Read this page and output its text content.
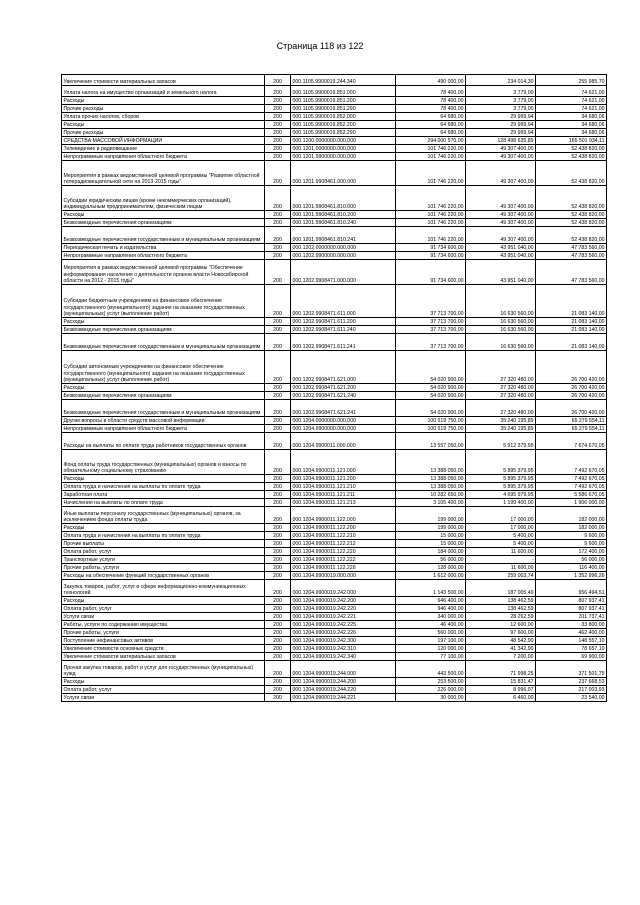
Страница 118 из 122
Увеличение стоимости материальных запасов	200	000.1105.9900019.244.340	490 000,00	234 014,30	255 985,70
Уплата налога на имущество организаций и земельного налога	200	000.1105.9900019.851.000	78 400,00	3 779,00	74 621,00
Расходы	200	000.1105.9900019.851.200	78 400,00	3 779,00	74 621,00
Прочие расходы	200	000.1105.9900019.851.290	78 400,00	3 779,00	74 621,00
Уплата прочих налогов, сборов	200	000.1105.9900019.852.000	64 680,00	29 999,94	34 680,06
Расходы	200	000.1105.9900019.852.200	64 680,00	29 999,94	34 680,06
Прочие расходы	200	000.1105.9900019.852.290	64 680,00	29 999,94	34 680,06
СРЕДСТВА МАССОВОЙ ИНФОРМАЦИИ	200	000.1200.0000000.000.000	294 000 570,00	128 498 635,89	165 501 934,11
Телевидение и радиовещание	200	000.1201.0000000.000.000	101 746 220,00	49 307 400,00	52 438 820,00
Непрограммные направления областного бюджета	200	000.1201.9900000.000.000	101 746 220,00	49 307 400,00	52 438 820,00
Мероприятия в рамках ведомственной целевой программы "Развитие областной телерадиовещательной сети на 2013-2015 годы"	200	000.1201.9908461.000.000	101 746 220,00	49 307 400,00	52 438 820,00
Субсидии юридическим лицам (кроме некоммерческих организаций), индивидуальным предпринимателям, физическим лицам	200	000.1201.9908461.810.000	101 746 220,00	49 307 400,00	52 438 820,00
Расходы	200	000.1201.9908461.810.200	101 746 220,00	49 307 400,00	52 438 820,00
Безвозмездные перечисления организациям	200	000.1201.9908461.810.240	101 746 220,00	49 307 400,00	52 438 820,00
Безвозмездные перечисления государственным и муниципальным организациям	200	000.1201.9908461.810.241	101 746 220,00	49 307 400,00	52 438 820,00
Периодическая печать и издательства	200	000.1202.0000000.000.000	91 734 600,00	43 951 040,00	47 783 560,00
Непрограммные направления областного бюджета	200	000.1202.9900000.000.000	91 734 600,00	43 951 040,00	47 783 560,00
Мероприятия в рамках ведомственной целевой программы "Обеспечение информирования населения о деятельности органов власти Новосибирской области на 2012 - 2015 годы"	200	000.1202.9908471.000.000	91 734 600,00	43 951 040,00	47 783 560,00
Субсидии бюджетным учреждениям на финансовое обеспечение государственного (муниципального) задания на оказание государственных (муниципальных) услуг (выполнение работ)	200	000.1202.9908471.611.000	37 713 700,00	16 630 560,00	21 083 140,00
Расходы	200	000.1202.9908471.611.200	37 713 700,00	16 630 560,00	21 083 140,00
Безвозмездные перечисления организациям	200	000.1202.9908471.611.240	37 713 700,00	16 630 560,00	21 083 140,00
Безвозмездные перечисления государственным и муниципальным организациям	200	000.1202.9908471.611.241	37 713 700,00	16 630 560,00	21 083 140,00
Субсидии автономным учреждениям на финансовое обеспечение государственного (муниципального) задания на оказание государственных (муниципальных) услуг (выполнение работ)	200	000.1202.9908471.621.000	54 020 900,00	27 320 480,00	26 700 420,00
Расходы	200	000.1202.9908471.621.200	54 020 900,00	27 320 480,00	26 700 420,00
Безвозмездные перечисления организациям	200	000.1202.9908471.621.240	54 020 900,00	27 320 480,00	26 700 420,00
Безвозмездные перечисления государственным и муниципальным организациям	200	000.1202.9908471.621.241	54 020 900,00	27 320 480,00	26 700 420,00
Другие вопросы в области средств массовой информации	200	000.1204.0000000.000.000	100 519 750,00	35 240 195,89	65 279 554,11
Непрограммные направления областного бюджета	200	000.1204.9900000.000.000	100 519 750,00	35 240 195,89	65 279 554,11
Расходы на выплаты по оплате труда работников государственных органов	200	000.1204.9900011.000.000	13 557 050,00	5 912 379,95	7 674 670,05
Фонд оплаты труда государственных (муниципальных) органов и взносы по обязательному социальному страхованию	200	000.1204.9900011.121.000	13 388 050,00	5 895 379,95	7 492 670,05
Расходы	200	000.1204.9900011.121.200	13 388 050,00	5 895 379,95	7 492 670,05
Оплата труда и начисления на выплаты по оплате труда	200	000.1204.9900011.121.210	13 388 050,00	5 895 379,95	7 492 670,05
Заработная плата	200	000.1204.9900011.121.211	10 282 650,00	4 695 979,95	5 586 670,05
Начисления на выплаты по оплате труда	200	000.1204.9900011.121.213	3 105 400,00	1 199 400,00	1 906 000,00
Иные выплаты персоналу государственных (муниципальных) органов, за исключением фонда оплаты труда	200	000.1204.9900011.122.000	199 000,00	17 000,00	182 000,00
Расходы	200	000.1204.9900011.122.200	199 000,00	17 000,00	182 000,00
Оплата труда и начисления на выплаты по оплате труда	200	000.1204.9900011.122.210	15 000,00	5 400,00	9 600,00
Прочие выплаты	200	000.1204.9900011.122.212	15 000,00	5 400,00	9 600,00
Оплата работ, услуг	200	000.1204.9900011.122.220	184 000,00	11 600,00	172 400,00
Транспортные услуги	200	000.1204.9900011.122.222	56 000,00	-	56 000,00
Прочие работы, услуги	200	000.1204.9900011.122.226	128 000,00	11 600,00	116 400,00
Расходы на обеспечение функций государственных органов	200	000.1204.9900019.000.000	1 612 000,00	259 003,74	1 352 996,26
Закупка товаров, работ, услуг в сфере информационно-коммуникационных технологий	200	000.1204.9900019.242.000	1 143 500,00	187 005,49	956 494,51
Расходы	200	000.1204.9900019.242.200	946 400,00	138 462,59	807 937,41
Оплата работ, услуг	200	000.1204.9900019.242.220	946 400,00	138 462,59	807 937,41
Услуги связи	200	000.1204.9900019.242.221	340 000,00	28 262,59	311 737,41
Работы, услуги по содержанию имущества	200	000.1204.9900019.242.225	46 400,00	12 600,00	33 800,00
Прочие работы, услуги	200	000.1204.9900019.242.226	560 000,00	97 600,00	462 400,00
Поступление нефинансовых активов	200	000.1204.9900019.242.300	197 100,00	48 542,90	148 557,10
Увеличение стоимости основных средств	200	000.1204.9900019.242.310	120 000,00	41 342,90	78 657,10
Увеличение стоимости материальных запасов	200	000.1204.9900019.242.340	77 100,00	7 200,00	69 900,00
Прочая закупка товаров, работ и услуг для государственных (муниципальных) нужд	200	000.1204.9900019.244.000	443 500,00	71 998,25	371 501,75
Расходы	200	000.1204.9900019.244.200	253 500,00	15 831,47	237 668,53
Оплата работ, услуг	200	000.1204.9900019.244.220	226 000,00	8 996,07	217 003,93
Услуги связи	200	000.1204.9900019.244.221	30 000,00	6 460,00	23 540,00
